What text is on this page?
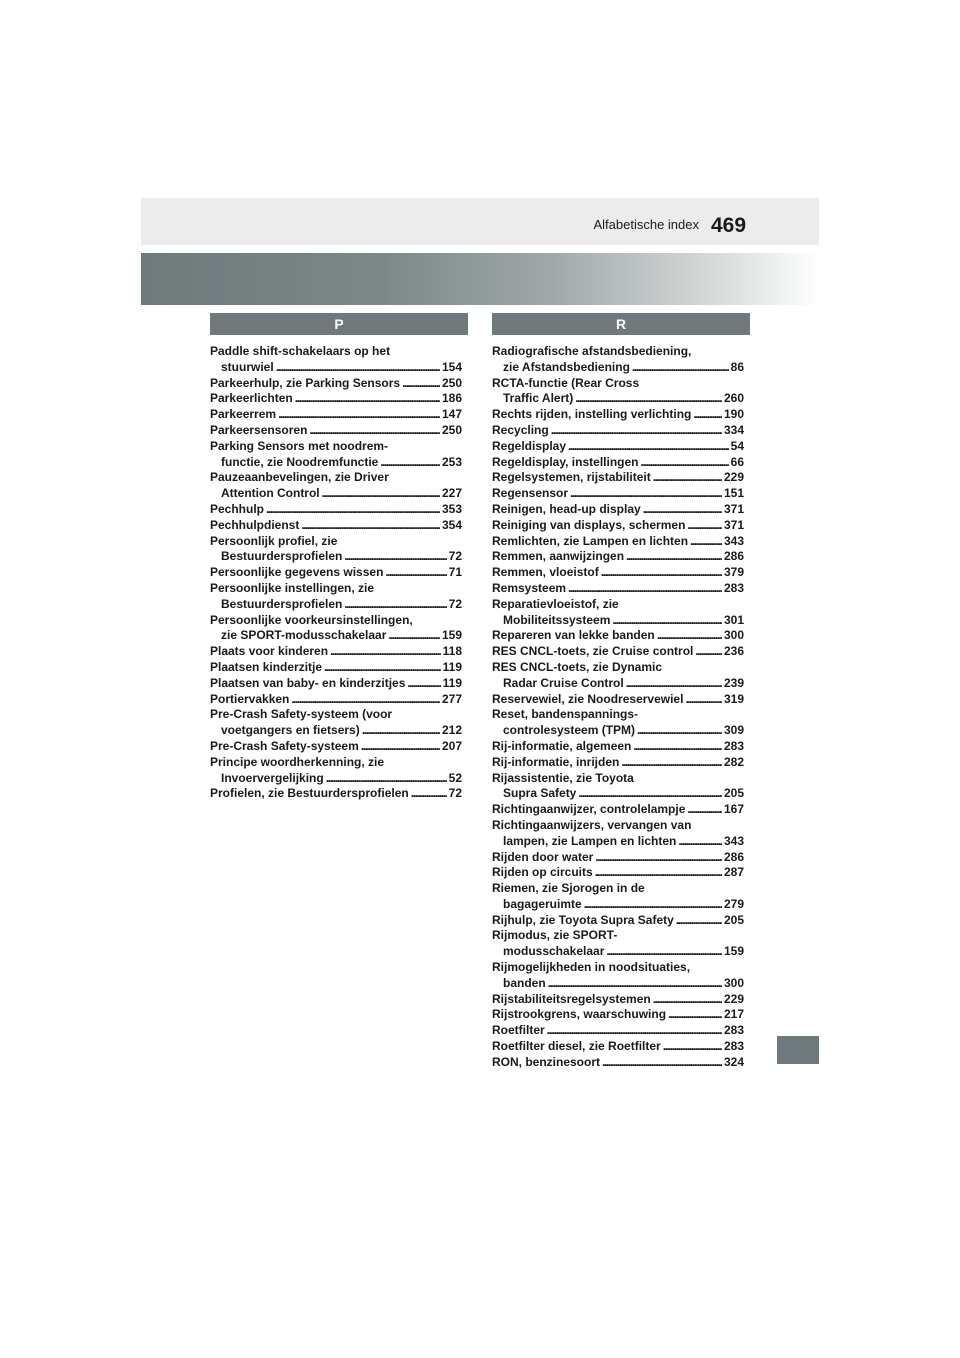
Alfabetische index 469
P	R
Paddle shift-schakelaars op het
stuurwiel . . .	154
Parkeerhulp, zie Parking Sensors . . .	250
Parkeerlichten . . .	186
Parkeerrem . . .	147
Parkeersensoren . . .	250
Parking Sensors met noodrem-
functie, zie Noodremfunctie . . .	253
Pauzeaanbevelingen, zie Driver
Attention Control . . .	227
Pechhulp . . .	353
Pechhulpdienst . . .	354
Persoonlijk profiel, zie
Bestuurdersprofielen . . .	72
Persoonlijke gegevens wissen . . .	71
Persoonlijke instellingen, zie
Bestuurdersprofielen . . .	72
Persoonlijke voorkeursinstellingen,
zie SPORT-modusschakelaar . . .	159
Plaats voor kinderen . . .	118
Plaatsen kinderzitje . . .	119
Plaatsen van baby- en kinderzitjes . . .	119
Portiervakken . . .	277
Pre-Crash Safety-systeem (voor
voetgangers en fietsers) . . .	212
Pre-Crash Safety-systeem . . .	207
Principe woordherkenning, zie
Invoervergelijking . . .	52
Profielen, zie Bestuurdersprofielen . . .	72
Radiografische afstandsbediening,
zie Afstandsbediening . . .	86
RCTA-functie (Rear Cross
Traffic Alert) . . .	260
Rechts rijden, instelling verlichting . . .	190
Recycling . . .	334
Regeldisplay . . .	54
Regeldisplay, instellingen . . .	66
Regelsystemen, rijstabiliteit . . .	229
Regensensor . . .	151
Reinigen, head-up display . . .	371
Reiniging van displays, schermen . . .	371
Remlichten, zie Lampen en lichten . . .	343
Remmen, aanwijzingen . . .	286
Remmen, vloeistof . . .	379
Remsysteem . . .	283
Reparatievloeistof, zie
Mobiliteitssysteem . . .	301
Repareren van lekke banden . . .	300
RES CNCL-toets, zie Cruise control . . .	236
RES CNCL-toets, zie Dynamic
Radar Cruise Control . . .	239
Reservewiel, zie Noodreservewiel . . .	319
Reset, bandenspannings-
controlesysteem (TPM) . . .	309
Rij-informatie, algemeen . . .	283
Rij-informatie, inrijden . . .	282
Rijassistentie, zie Toyota
Supra Safety . . .	205
Richtingaanwijzer, controlelampje . . .	167
Richtingaanwijzers, vervangen van
lampen, zie Lampen en lichten . . .	343
Rijden door water . . .	286
Rijden op circuits . . .	287
Riemen, zie Sjorogen in de
bagageruimte . . .	279
Rijhulp, zie Toyota Supra Safety . . .	205
Rijmodus, zie SPORT-
modusschakelaar . . .	159
Rijmogelijkheden in noodsituaties,
banden . . .	300
Rijstabiliteitsregelsystemen . . .	229
Rijstrookgrens, waarschuwing . . .	217
Roetfilter . . .	283
Roetfilter diesel, zie Roetfilter . . .	283
RON, benzinesoort . . .	324
